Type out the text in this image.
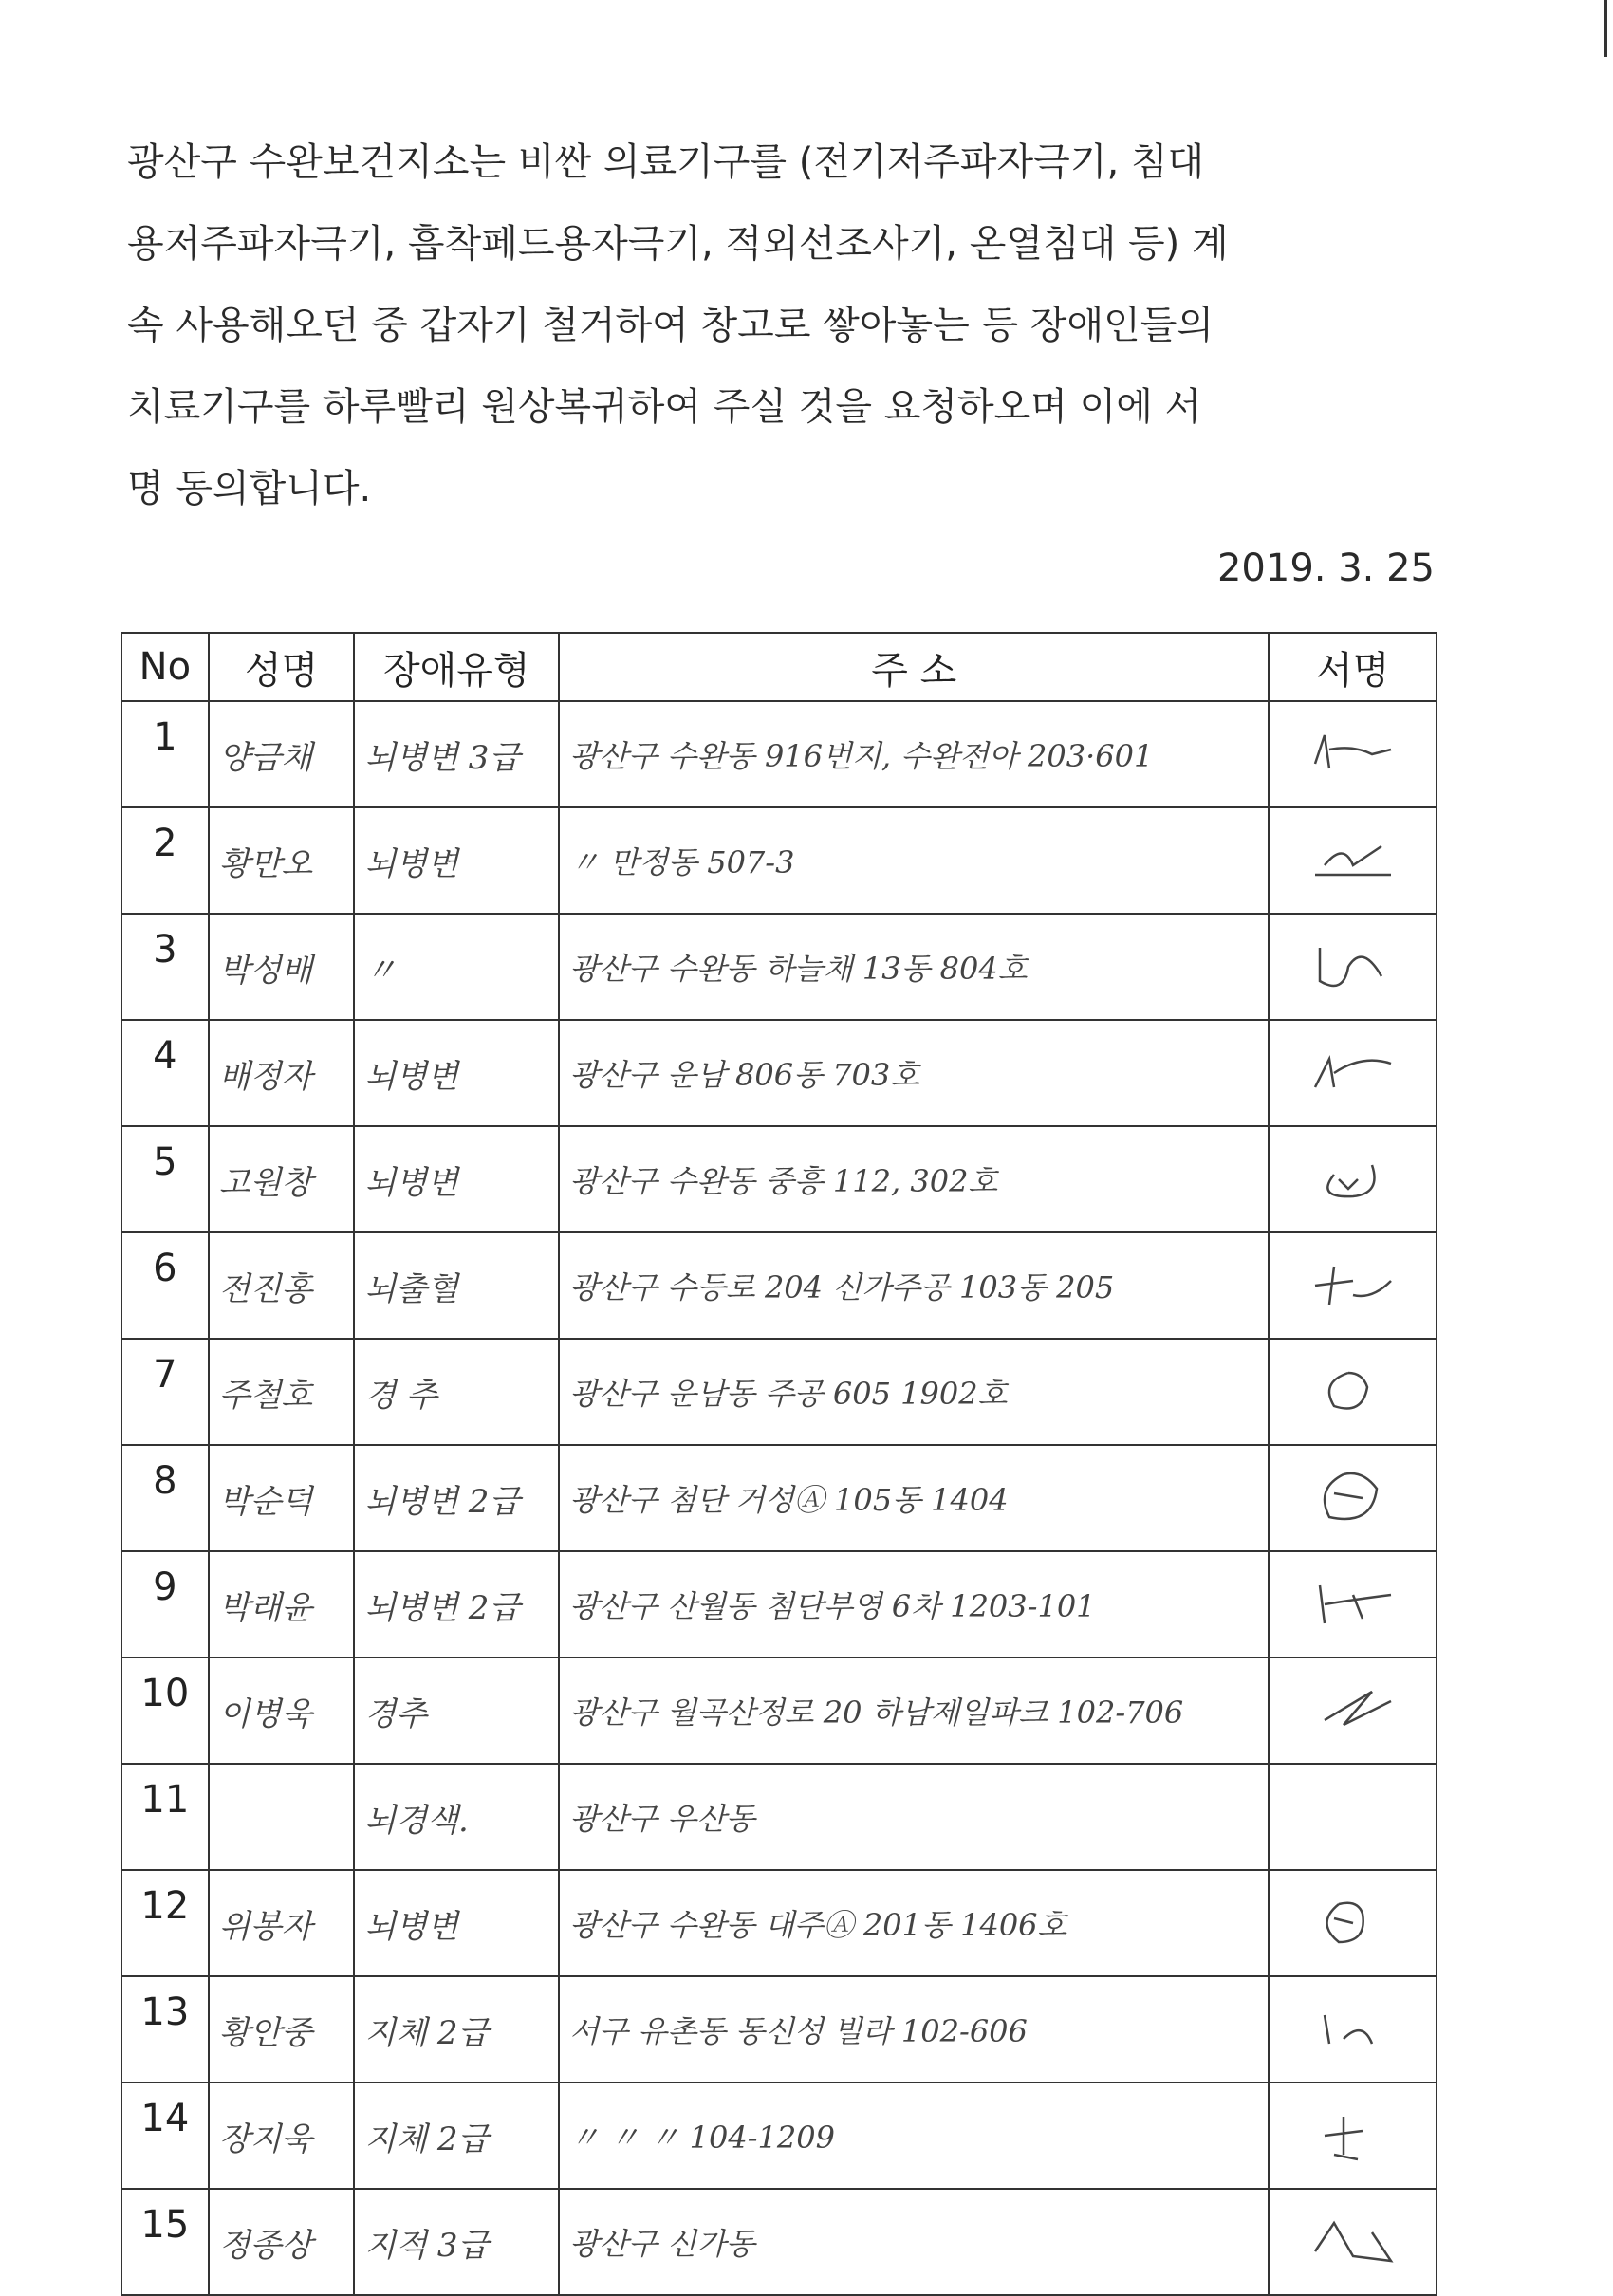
광산구 수완보건지소는 비싼 의료기구를 (전기저주파자극기, 침대
용저주파자극기, 흡착페드용자극기, 적외선조사기, 온열침대 등) 계
속 사용해오던 중 갑자기 철거하여 창고로 쌓아놓는 등 장애인들의
치료기구를 하루빨리 원상복귀하여 주실 것을 요청하오며 이에 서
명 동의합니다.
2019. 3. 25
No	성명	장애유형	주 소	서명
1	양금채	뇌병변 3급	광산구 수완동 916번지, 수완전아 203·601	

2	황만오	뇌병변	〃 만정동 507-3	

3	박성배	〃	광산구 수완동 하늘채 13동 804호	

4	배정자	뇌병변	광산구 운남 806동 703호	

5	고원창	뇌병변	광산구 수완동 중흥 112, 302호	

6	전진홍	뇌출혈	광산구 수등로 204 신가주공 103동 205	

7	주철호	경 추	광산구 운남동 주공 605 1902호	

8	박순덕	뇌병변 2급	광산구 첨단 거성Ⓐ 105동 1404	

9	박래윤	뇌병변 2급	광산구 산월동 첨단부영 6차 1203-101	

10	이병욱	경추	광산구 월곡산정로 20 하남제일파크 102-706	

11		뇌경색.	광산구 우산동	
12	위봉자	뇌병변	광산구 수완동 대주Ⓐ 201동 1406호	

13	황안중	지체 2급	서구 유촌동 동신성 빌라 102-606	

14	장지욱	지체 2급	〃 〃 〃 104-1209	

15	정종상	지적 3급	광산구 신가동	
